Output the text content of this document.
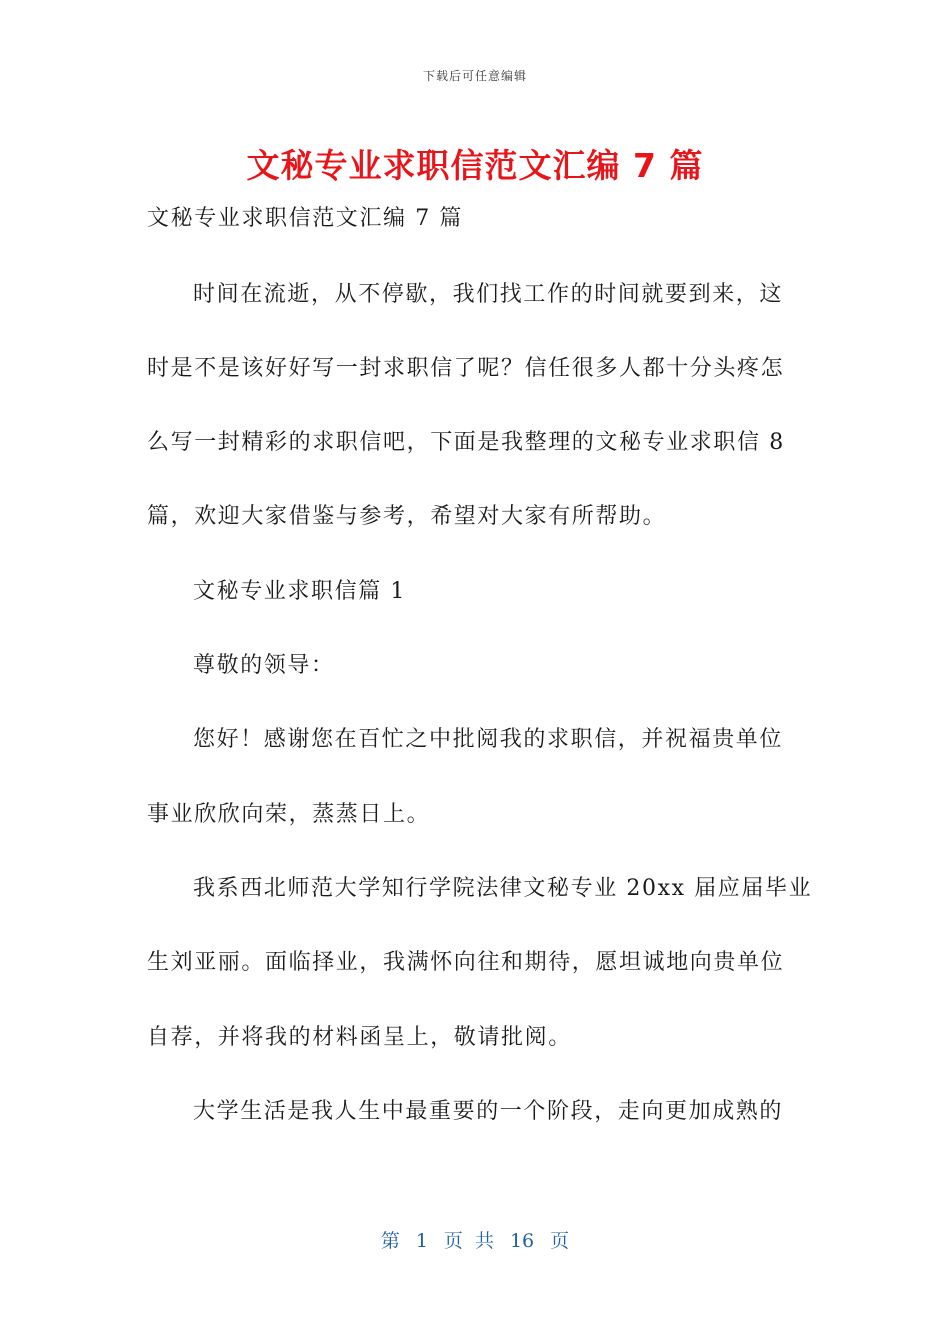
下载后可任意编辑
文秘专业求职信范文汇编 7 篇
文秘专业求职信范文汇编 7 篇
时间在流逝，从不停歇，我们找工作的时间就要到来，这
时是不是该好好写一封求职信了呢？信任很多人都十分头疼怎
么写一封精彩的求职信吧，下面是我整理的文秘专业求职信 8
篇，欢迎大家借鉴与参考，希望对大家有所帮助。
文秘专业求职信篇 1
尊敬的领导：
您好！感谢您在百忙之中批阅我的求职信，并祝福贵单位
事业欣欣向荣，蒸蒸日上。
我系西北师范大学知行学院法律文秘专业 20xx 届应届毕业
生刘亚丽。面临择业，我满怀向往和期待，愿坦诚地向贵单位
自荐，并将我的材料函呈上，敬请批阅。
大学生活是我人生中最重要的一个阶段，走向更加成熟的
第 1 页 共 16 页
